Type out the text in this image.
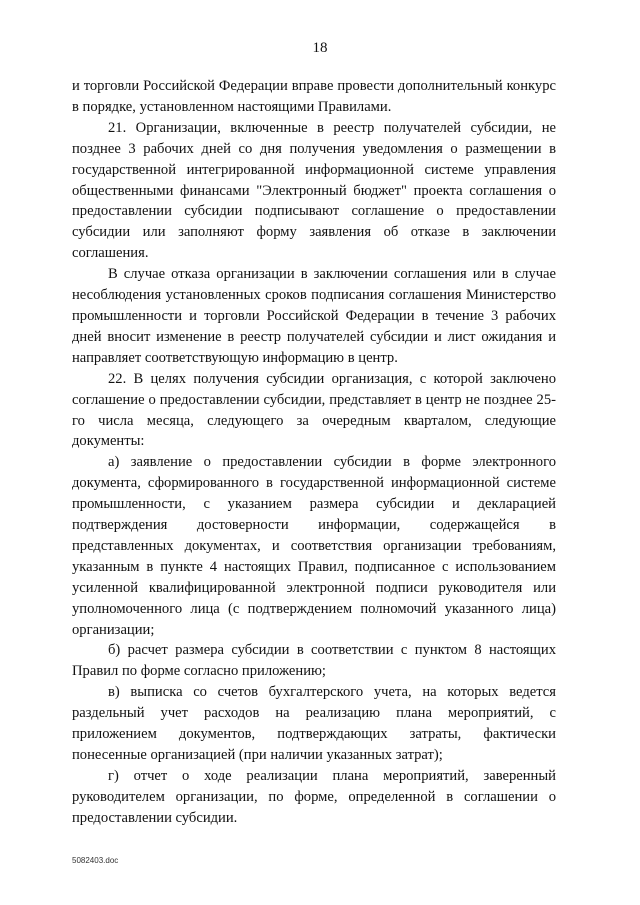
18

и торговли Российской Федерации вправе провести дополнительный конкурс в порядке, установленном настоящими Правилами.

21. Организации, включенные в реестр получателей субсидии, не позднее 3 рабочих дней со дня получения уведомления о размещении в государственной интегрированной информационной системе управления общественными финансами "Электронный бюджет" проекта соглашения о предоставлении субсидии подписывают соглашение о предоставлении субсидии или заполняют форму заявления об отказе в заключении соглашения.

В случае отказа организации в заключении соглашения или в случае несоблюдения установленных сроков подписания соглашения Министерство промышленности и торговли Российской Федерации в течение 3 рабочих дней вносит изменение в реестр получателей субсидии и лист ожидания и направляет соответствующую информацию в центр.

22. В целях получения субсидии организация, с которой заключено соглашение о предоставлении субсидии, представляет в центр не позднее 25-го числа месяца, следующего за очередным кварталом, следующие документы:

а) заявление о предоставлении субсидии в форме электронного документа, сформированного в государственной информационной системе промышленности, с указанием размера субсидии и декларацией подтверждения достоверности информации, содержащейся в представленных документах, и соответствия организации требованиям, указанным в пункте 4 настоящих Правил, подписанное с использованием усиленной квалифицированной электронной подписи руководителя или уполномоченного лица (с подтверждением полномочий указанного лица) организации;

б) расчет размера субсидии в соответствии с пунктом 8 настоящих Правил по форме согласно приложению;

в) выписка со счетов бухгалтерского учета, на которых ведется раздельный учет расходов на реализацию плана мероприятий, с приложением документов, подтверждающих затраты, фактически понесенные организацией (при наличии указанных затрат);

г) отчет о ходе реализации плана мероприятий, заверенный руководителем организации, по форме, определенной в соглашении о предоставлении субсидии.

5082403.doc
